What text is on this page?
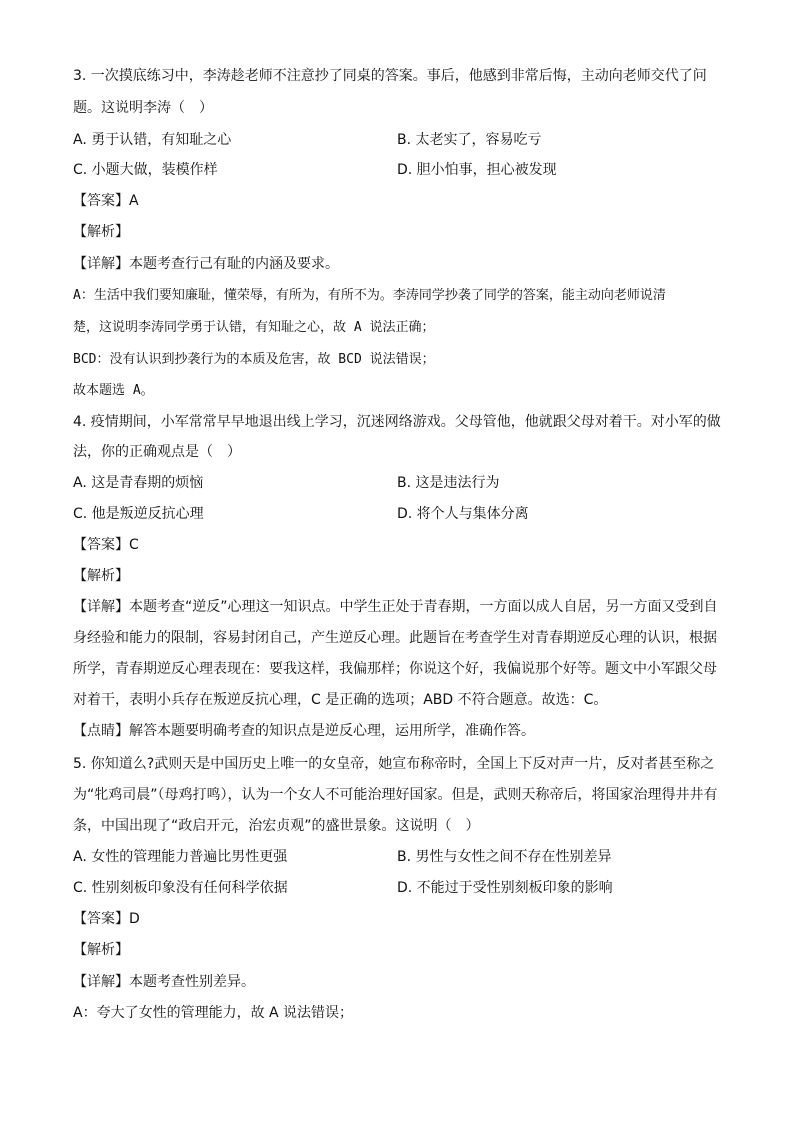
3. 一次摸底练习中，李涛趁老师不注意抄了同桌的答案。事后，他感到非常后悔，主动向老师交代了问
题。这说明李涛（　）
A. 勇于认错，有知耻之心	B. 太老实了，容易吃亏
C. 小题大做，装模作样	D. 胆小怕事，担心被发现
【答案】A
【解析】
【详解】本题考查行己有耻的内涵及要求。
A：生活中我们要知廉耻，懂荣辱，有所为，有所不为。李涛同学抄袭了同学的答案，能主动向老师说清
楚，这说明李涛同学勇于认错，有知耻之心，故 A 说法正确；
BCD：没有认识到抄袭行为的本质及危害，故 BCD 说法错误；
故本题选 A。
4. 疫情期间，小军常常早早地退出线上学习，沉迷网络游戏。父母管他，他就跟父母对着干。对小军的做
法，你的正确观点是（　）
A. 这是青春期的烦恼	B. 这是违法行为
C. 他是叛逆反抗心理	D. 将个人与集体分离
【答案】C
【解析】
【详解】本题考查“逆反”心理这一知识点。中学生正处于青春期，一方面以成人自居，另一方面又受到自
身经验和能力的限制，容易封闭自己，产生逆反心理。此题旨在考查学生对青春期逆反心理的认识，根据
所学，青春期逆反心理表现在：要我这样，我偏那样；你说这个好，我偏说那个好等。题文中小军跟父母
对着干，表明小兵存在叛逆反抗心理，C 是正确的选项；ABD 不符合题意。故选：C。
【点睛】解答本题要明确考查的知识点是逆反心理，运用所学，准确作答。
5. 你知道么?武则天是中国历史上唯一的女皇帝，她宣布称帝时，全国上下反对声一片，反对者甚至称之
为“牝鸡司晨”（母鸡打鸣），认为一个女人不可能治理好国家。但是，武则天称帝后，将国家治理得井井有
条，中国出现了“政启开元，治宏贞观”的盛世景象。这说明（　）
A. 女性的管理能力普遍比男性更强	B. 男性与女性之间不存在性别差异
C. 性别刻板印象没有任何科学依据	D. 不能过于受性别刻板印象的影响
【答案】D
【解析】
【详解】本题考查性别差异。
A：夸大了女性的管理能力，故 A 说法错误；
